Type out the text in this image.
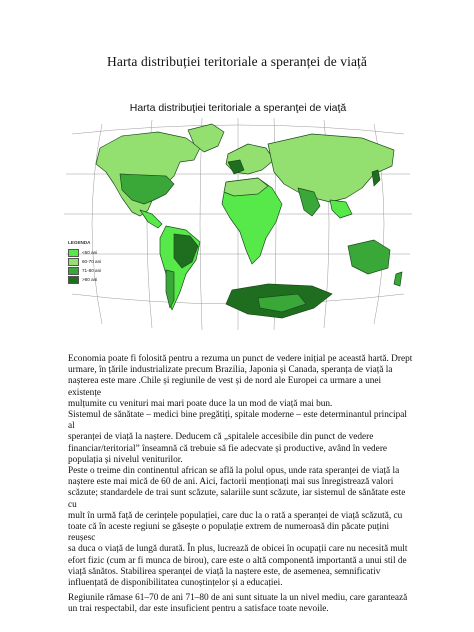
Harta distribuției teritoriale a speranței de viață
Harta distribuţiei teritoriale a speranţei de viaţă
LEGENDA
<60 ani
60-70 ani
71-80 ani
>80 ani

Economia poate fi folosită pentru a rezuma un punct de vedere inițial pe această hartă. Drept

urmare, în țările industrializate precum Brazilia, Japonia și Canada, speranța de viață la

nașterea este mare .Chile și regiunile de vest și de nord ale Europei ca urmare a unei existențe

mulțumite cu venituri mai mari poate duce la un mod de viață mai bun.

Sistemul de sănătate – medici bine pregătiți, spitale moderne – este determinantul principal al

speranței de viață la naștere. Deducem că „spitalele accesibile din punct de vedere

financiar/teritorial” înseamnă că trebuie să fie adecvate și productive, având în vedere

populația și nivelul veniturilor.

Peste o treime din continentul african se află la polul opus, unde rata speranței de viață la

naștere este mai mică de 60 de ani. Aici, factorii menționați mai sus înregistrează valori

scăzute; standardele de trai sunt scăzute, salariile sunt scăzute, iar sistemul de sănătate este cu

mult în urmă față de cerințele populației, care duc la o rată a speranței de viață scăzută, cu

toate că în aceste regiuni se găsește o populație extrem de numeroasă din păcate puțini reușesc

sa duca o viață de lungă durată. În plus, lucrează de obicei în ocupații care nu necesită mult

efort fizic (cum ar fi munca de birou), care este o altă componentă importantă a unui stil de

viață sănătos. Stabilirea speranței de viață la naștere este, de asemenea, semnificativ

influențată de disponibilitatea cunoștințelor și a educației.

Regiunile rămase 61–70 de ani 71–80 de ani sunt situate la un nivel mediu, care garantează

un trai respectabil, dar este insuficient pentru a satisface toate nevoile.
